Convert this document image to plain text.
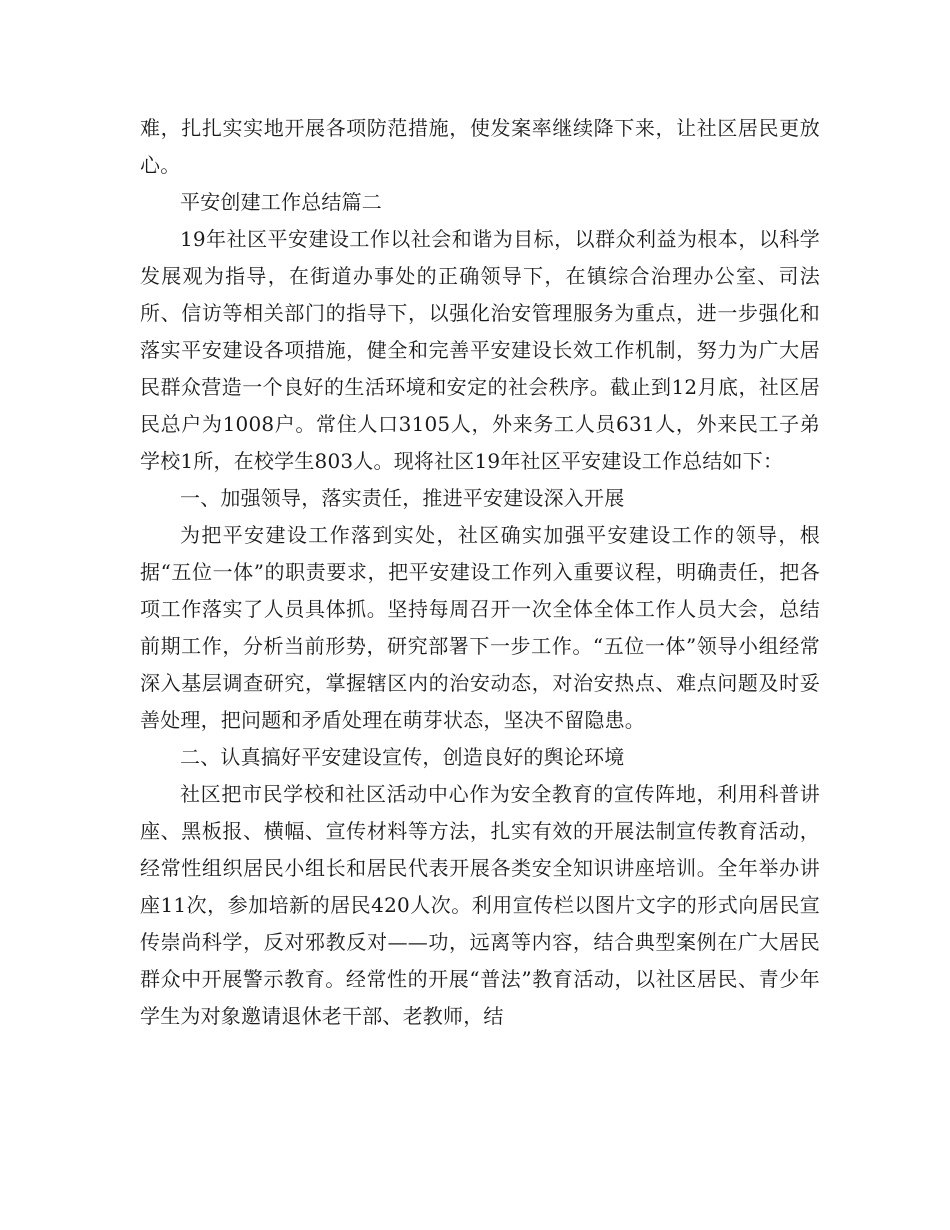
难，扎扎实实地开展各项防范措施，使发案率继续降下来，让社区居民更放心。

平安创建工作总结篇二

19年社区平安建设工作以社会和谐为目标，以群众利益为根本，以科学发展观为指导，在街道办事处的正确领导下，在镇综合治理办公室、司法所、信访等相关部门的指导下，以强化治安管理服务为重点，进一步强化和落实平安建设各项措施，健全和完善平安建设长效工作机制，努力为广大居民群众营造一个良好的生活环境和安定的社会秩序。截止到12月底，社区居民总户为1008户。常住人口3105人，外来务工人员631人，外来民工子弟学校1所，在校学生803人。现将社区19年社区平安建设工作总结如下：

一、加强领导，落实责任，推进平安建设深入开展

为把平安建设工作落到实处，社区确实加强平安建设工作的领导，根据“五位一体”的职责要求，把平安建设工作列入重要议程，明确责任，把各项工作落实了人员具体抓。坚持每周召开一次全体全体工作人员大会，总结前期工作，分析当前形势，研究部署下一步工作。“五位一体”领导小组经常深入基层调查研究，掌握辖区内的治安动态，对治安热点、难点问题及时妥善处理，把问题和矛盾处理在萌芽状态，坚决不留隐患。

二、认真搞好平安建设宣传，创造良好的舆论环境

社区把市民学校和社区活动中心作为安全教育的宣传阵地，利用科普讲座、黑板报、横幅、宣传材料等方法，扎实有效的开展法制宣传教育活动，经常性组织居民小组长和居民代表开展各类安全知识讲座培训。全年举办讲座11次，参加培新的居民420人次。利用宣传栏以图片文字的形式向居民宣传崇尚科学，反对邪教反对——功，远离等内容，结合典型案例在广大居民群众中开展警示教育。经常性的开展“普法”教育活动，以社区居民、青少年学生为对象邀请退休老干部、老教师，结
